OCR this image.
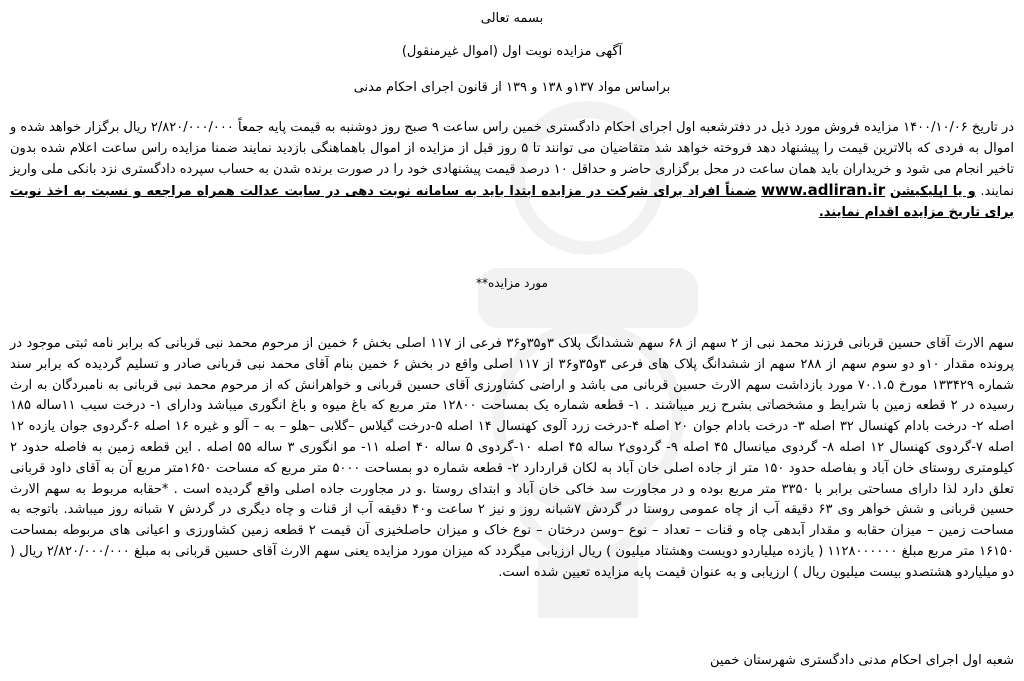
بسمه تعالی
آگهی مزایده نوبت اول (اموال غیرمنقول)
براساس مواد ۱۳۷و ۱۳۸ و ۱۳۹ از قانون اجرای احکام مدنی
در تاریخ ۱۴۰۰/۱۰/۰۶ مزایده فروش مورد ذیل در دفترشعبه اول اجرای احکام دادگستری خمین راس ساعت ۹ صبح روز دوشنبه به قیمت پایه جمعاً ۲/۸۲۰/۰۰۰/۰۰۰ ریال برگزار خواهد شده و اموال به فردی که بالاترین قیمت را پیشنهاد دهد فروخته خواهد شد متقاضیان می توانند تا ۵ روز قبل از مزایده از اموال باهماهنگی بازدید نمایند ضمنا مزایده راس ساعت اعلام شده بدون تاخیر انجام می شود و خریداران باید همان ساعت در محل برگزاری حاضر و حداقل ۱۰ درصد قیمت پیشنهادی خود را در صورت برنده شدن به حساب سپرده دادگستری نزد بانکی ملی واریز نمایند. و یا اپلیکیشن www.adliran.ir ضمناً افراد برای شرکت در مزایده ابتدا باید به سامانه نوبت دهی در سایت عدالت همراه مراجعه و نسبت به اخذ نوبت برای تاریخ مزایده اقدام نمایند.
مورد مزایده**
سهم الارث آقای حسین قربانی فرزند محمد نبی از ۲ سهم از ۶۸ سهم ششدانگ پلاک ۳و۳۵و۳۶ فرعی از ۱۱۷ اصلی بخش ۶ خمین از مرحوم محمد نبی قربانی که برابر نامه ثبتی موجود در پرونده مقدار ۱۰و دو سوم سهم از ۲۸۸ سهم از ششدانگ پلاک های فرعی ۳و۳۵و۳۶ از ۱۱۷ اصلی واقع در بخش ۶ خمین بنام آقای محمد نبی قربانی صادر و تسلیم گردیده که برابر سند شماره ۱۳۳۴۲۹ مورخ ۷۰.۱.۵ مورد بازداشت سهم الارث حسین قربانی می باشد و اراضی کشاورزی آقای حسین قربانی و خواهرانش که از مرحوم محمد نبی قربانی به نامبردگان به ارث رسیده در ۲ قطعه زمین با شرایط و مشخصاتی بشرح زیر میباشند . ۱- قطعه شماره یک بمساحت ۱۲۸۰۰ متر مربع که باغ میوه و باغ انگوری میباشد ودارای ۱- درخت سیب ۱۱ساله ۱۸۵ اصله ۲- درخت بادام کهنسال ۳۲ اصله ۳- درخت بادام جوان ۲۰ اصله ۴-درخت زرد آلوی کهنسال ۱۴ اصله ۵-درخت گیلاس –گلابی –هلو – به – آلو و غیره ۱۶ اصله ۶-گردوی جوان یازده ۱۲ اصله ۷-گردوی کهنسال ۱۲ اصله ۸- گردوی میانسال ۴۵ اصله ۹- گردوی۲ ساله ۴۵ اصله ۱۰-گردوی ۵ ساله ۴۰ اصله ۱۱- مو انگوری ۳ ساله ۵۵ اصله . این قطعه زمین به فاصله حدود ۲ کیلومتری روستای خان آباد و بفاصله حدود ۱۵۰ متر از جاده اصلی خان آباد به لکان قراردارد ۲- قطعه شماره دو بمساحت ۵۰۰۰ متر مربع که مساحت ۱۶۵۰متر مربع آن به آقای داود قربانی تعلق دارد لذا دارای مساحتی برابر با ۳۳۵۰ متر مربع بوده و در مجاورت سد خاکی خان آباد و ابتدای روستا .و در مجاورت جاده اصلی واقع گردیده است . *حقابه مربوط به سهم الارث حسین قربانی و شش خواهر وی ۶۳ دقیقه آب از چاه عمومی روستا در گردش ۷شبانه روز و نیز ۲ ساعت و۴۰ دقیقه آب از قنات و چاه دیگری در گردش ۷ شبانه روز میباشد. باتوجه به مساحت زمین – میزان حقابه و مقدار آبدهی چاه و قنات – تعداد – نوع –وسن درختان – نوع خاک و میزان حاصلخیزی آن قیمت ۲ قطعه زمین کشاورزی و اعیانی های مربوطه بمساحت ۱۶۱۵۰ متر مربع مبلغ ۱۱۲۸۰۰۰۰۰۰ ( یازده میلیاردو دویست وهشتاد میلیون ) ریال ارزیابی میگردد که میزان مورد مزایده یعنی سهم الارث آقای حسین قربانی به مبلغ ۲/۸۲۰/۰۰۰/۰۰۰ ریال ( دو میلیاردو هشتصدو بیست میلیون ریال ) ارزیابی و به عنوان قیمت پایه مزایده تعیین شده است.
شعبه اول اجرای احکام مدنی دادگستری شهرستان خمین
